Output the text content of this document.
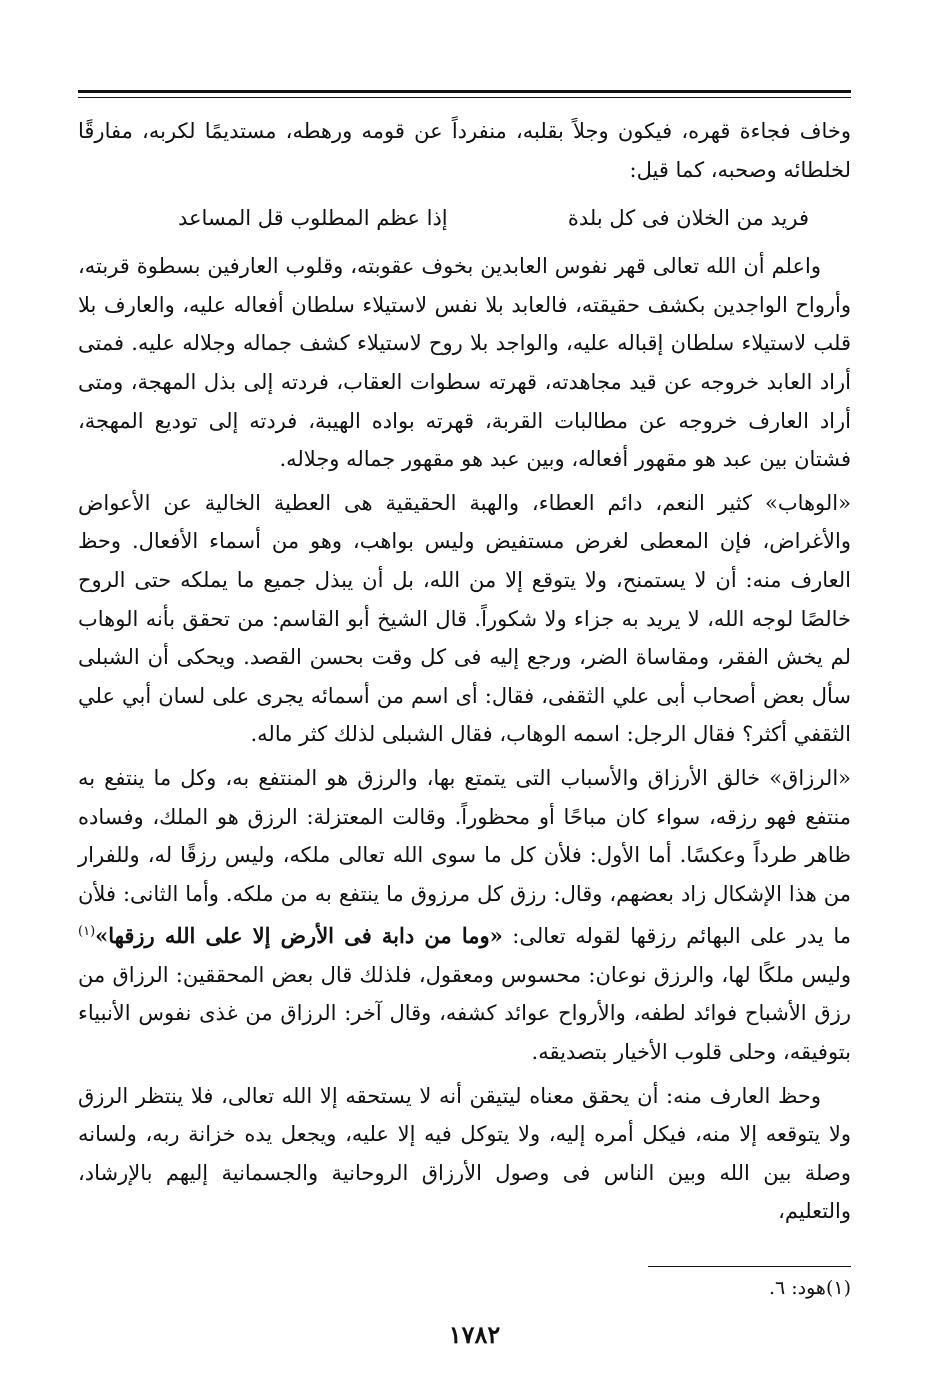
وخاف فجاءة قهره، فيكون وجلاً بقلبه، منفرداً عن قومه ورهطه، مستديمًا لكربه، مفارقًا لخلطائه وصحبه، كما قيل:

فريد من الخلان فى كل بلدة
إذا عظم المطلوب قل المساعد

واعلم أن الله تعالى قهر نفوس العابدين بخوف عقوبته، وقلوب العارفين بسطوة قربته، وأرواح الواجدين بكشف حقيقته، فالعابد بلا نفس لاستيلاء سلطان أفعاله عليه، والعارف بلا قلب لاستيلاء سلطان إقباله عليه، والواجد بلا روح لاستيلاء كشف جماله وجلاله عليه. فمتى أراد العابد خروجه عن قيد مجاهدته، قهرته سطوات العقاب، فردته إلى بذل المهجة، ومتى أراد العارف خروجه عن مطالبات القربة، قهرته بواده الهيبة، فردته إلى توديع المهجة، فشتان بين عبد هو مقهور أفعاله، وبين عبد هو مقهور جماله وجلاله.

«الوهاب» كثير النعم، دائم العطاء، والهبة الحقيقية هى العطية الخالية عن الأعواض والأغراض، فإن المعطى لغرض مستفيض وليس بواهب، وهو من أسماء الأفعال. وحظ العارف منه: أن لا يستمنح، ولا يتوقع إلا من الله، بل أن يبذل جميع ما يملكه حتى الروح خالصًا لوجه الله، لا يريد به جزاء ولا شكوراً. قال الشيخ أبو القاسم: من تحقق بأنه الوهاب لم يخش الفقر، ومقاساة الضر، ورجع إليه فى كل وقت بحسن القصد. ويحكى أن الشبلى سأل بعض أصحاب أبى علي الثقفى، فقال: أى اسم من أسمائه يجرى على لسان أبي علي الثقفي أكثر؟ فقال الرجل: اسمه الوهاب، فقال الشبلى لذلك كثر ماله.

«الرزاق» خالق الأرزاق والأسباب التى يتمتع بها، والرزق هو المنتفع به، وكل ما ينتفع به منتفع فهو رزقه، سواء كان مباحًا أو محظوراً. وقالت المعتزلة: الرزق هو الملك، وفساده ظاهر طرداً وعكسًا. أما الأول: فلأن كل ما سوى الله تعالى ملكه، وليس رزقًا له، وللفرار من هذا الإشكال زاد بعضهم، وقال: رزق كل مرزوق ما ينتفع به من ملكه. وأما الثانى: فلأن ما يدر على البهائم رزقها لقوله تعالى: «وما من دابة فى الأرض إلا على الله رزقها»$^{(١)}$ وليس ملكًا لها، والرزق نوعان: محسوس ومعقول، فلذلك قال بعض المحققين: الرزاق من رزق الأشباح فوائد لطفه، والأرواح عوائد كشفه، وقال آخر: الرزاق من غذى نفوس الأنبياء بتوفيقه، وحلى قلوب الأخيار بتصديقه.

وحظ العارف منه: أن يحقق معناه ليتيقن أنه لا يستحقه إلا الله تعالى، فلا ينتظر الرزق ولا يتوقعه إلا منه، فيكل أمره إليه، ولا يتوكل فيه إلا عليه، ويجعل يده خزانة ربه، ولسانه وصلة بين الله وبين الناس فى وصول الأرزاق الروحانية والجسمانية إليهم بالإرشاد، والتعليم،

(١)هود: ٦.
١٧٨٢
